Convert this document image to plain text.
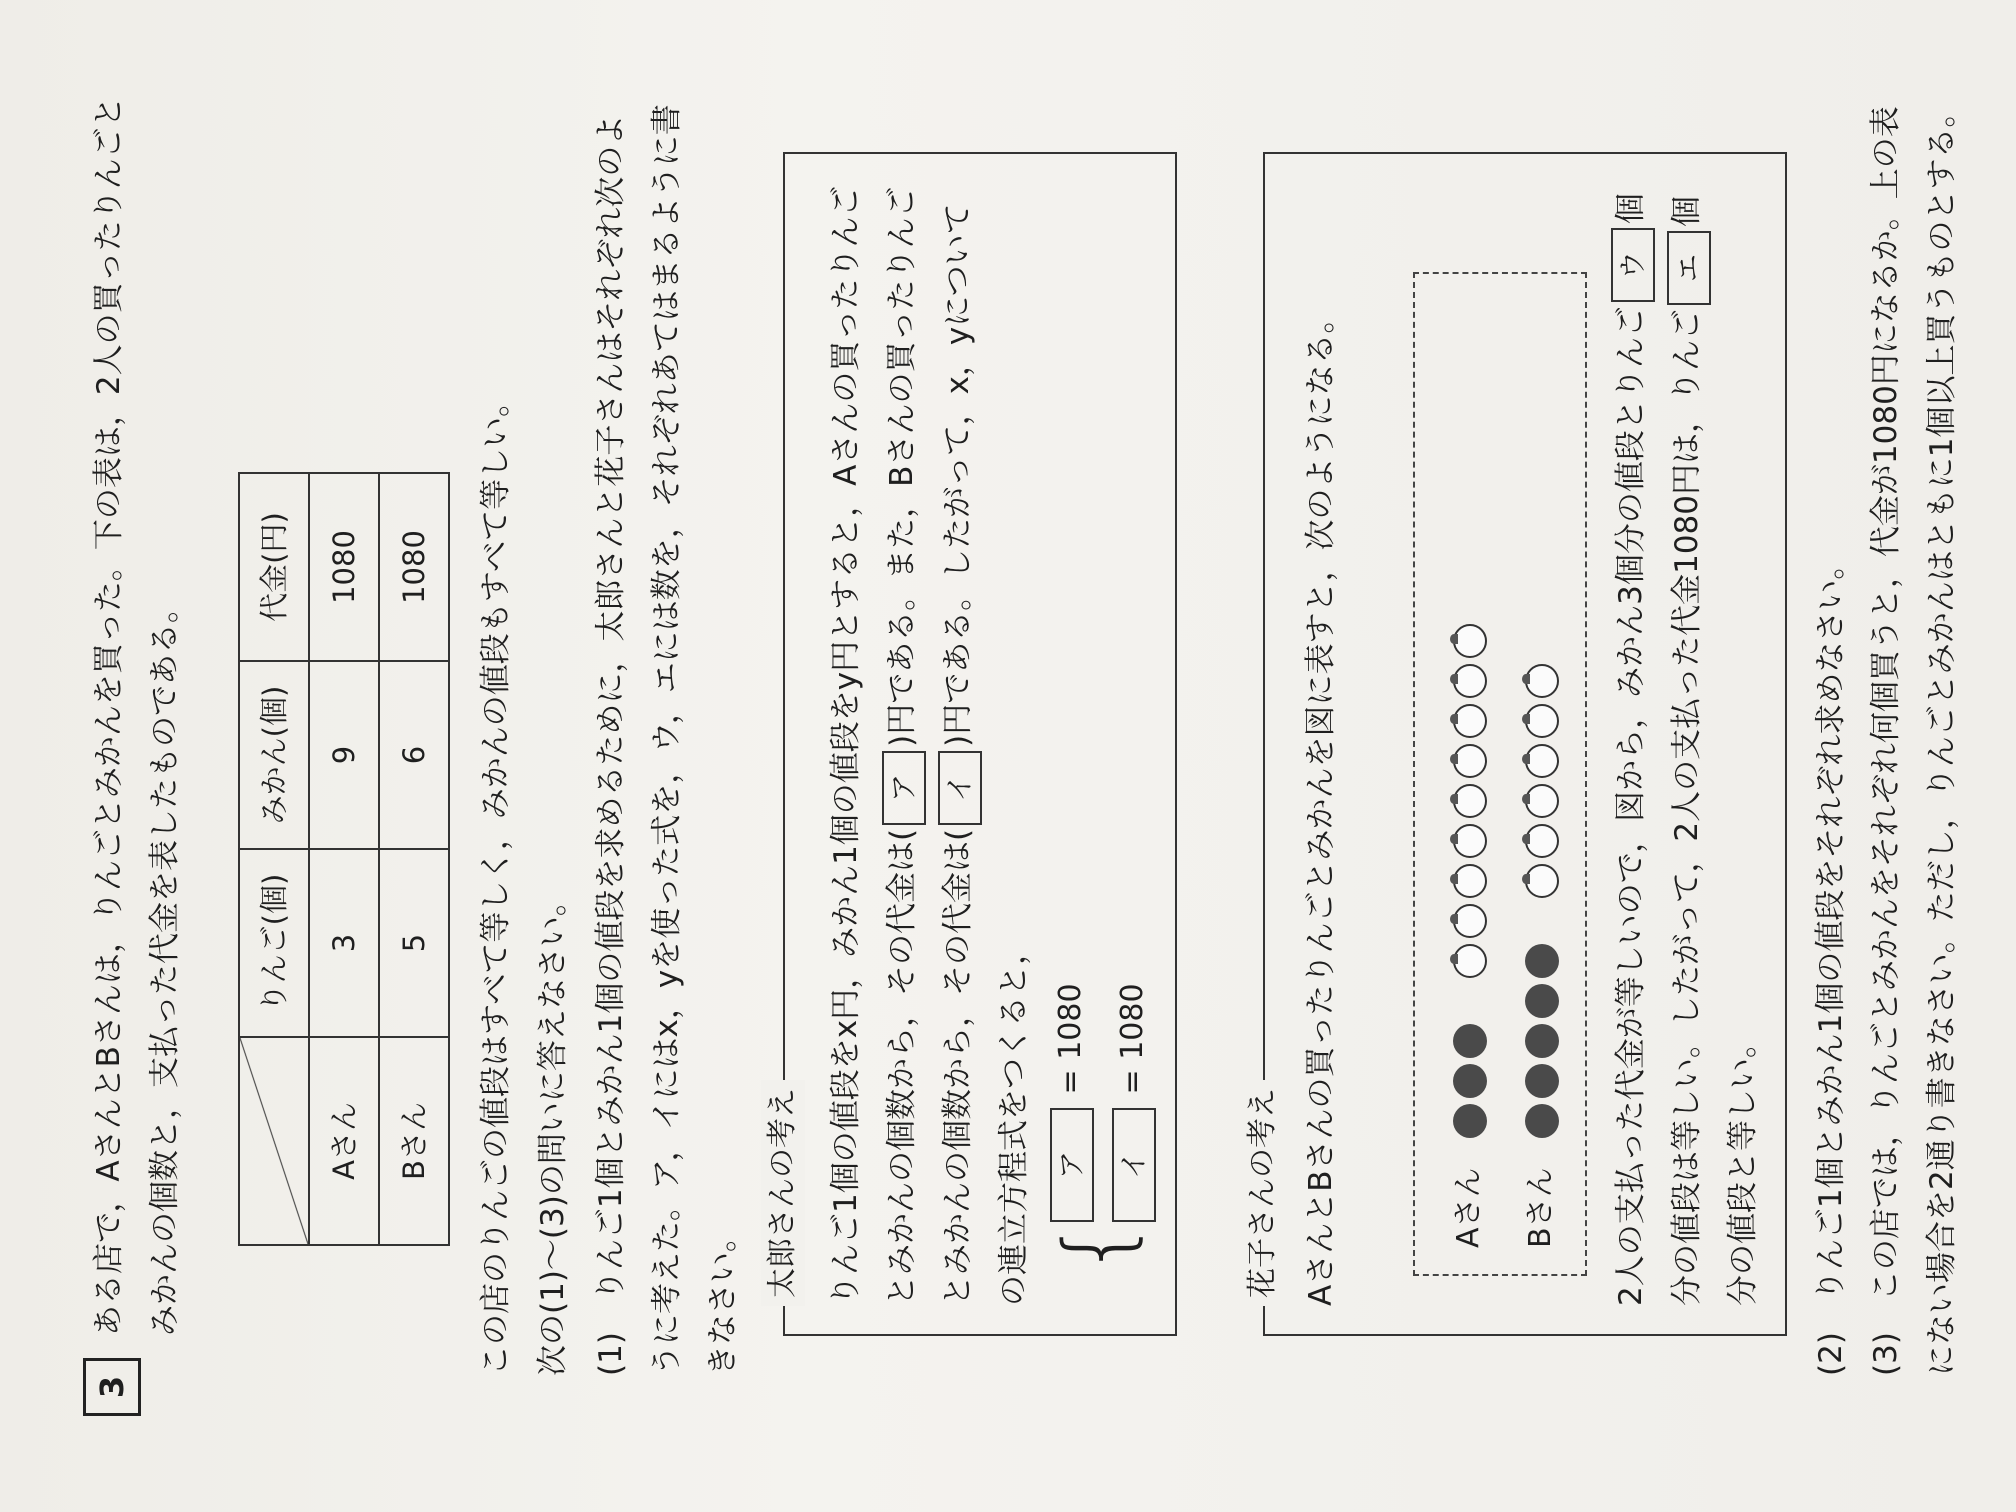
3
ある店で，AさんとBさんは，りんごとみかんを買った。下の表は，2人の買ったりんごとみかんの個数と，支払った代金を表したものである。
		りんご(個)	みかん(個)	代金(円)
Aさん	3	9	1080
Bさん	5	6	1080	この店のりんごの値段はすべて等しく，みかんの値段もすべて等しい。 次の(1)～(3)の問いに答えなさい。 (1)　りんご1個とみかん1個の値段を求めるために，太郎さんと花子さんはそれぞれ次のように考えた。ア，イにはx，yを使った式を，ウ，エには数を，それぞれあてはまるように書きなさい。
太郎さんの考え りんご1個の値段をx円，みかん1個の値段をy円とすると，Aさんの買ったりんごとみかんの個数から，その代金は(ア)円である。また，Bさんの買ったりんごとみかんの個数から，その代金は(イ)円である。したがって，x，yについての連立方程式をつくると， {
ア = 1080
イ = 1080
花子さんの考え AさんとBさんの買ったりんごとみかんを図に表すと，次のようになる。	Aさん	Bさん	2人の支払った代金が等しいので，図から，みかん3個分の値段とりんごウ個分の値段は等しい。したがって，2人の支払った代金1080円は，りんごエ個分の値段と等しい。	(2)　りんご1個とみかん1個の値段をそれぞれ求めなさい。 (3)　この店では，りんごとみかんをそれぞれ何個買うと，代金が1080円になるか。上の表にない場合を2通り書きなさい。ただし，りんごとみかんはともに1個以上買うものとする。
